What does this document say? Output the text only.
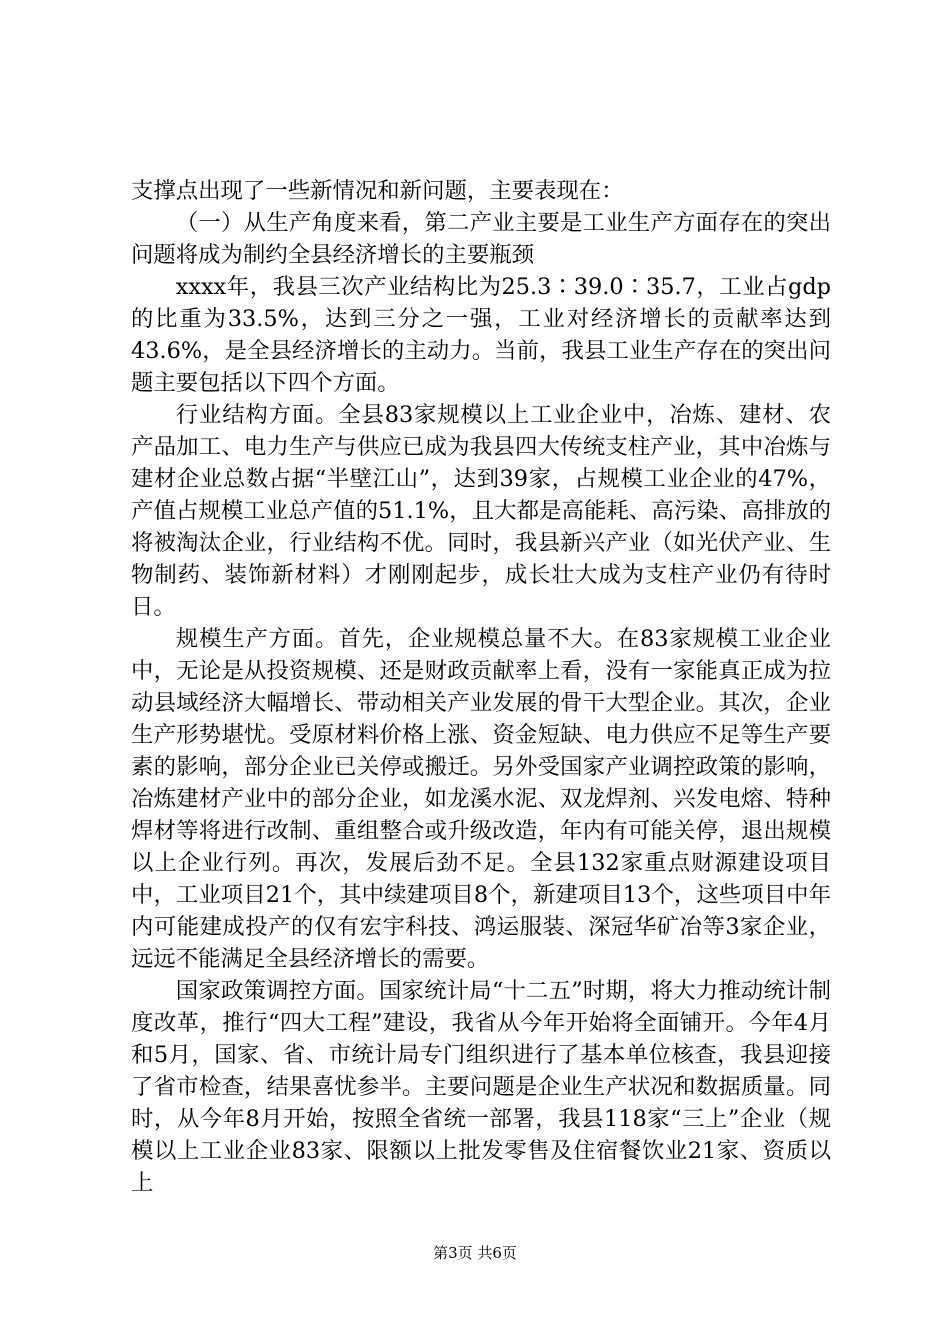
支撑点出现了一些新情况和新问题，主要表现在：

（一）从生产角度来看，第二产业主要是工业生产方面存在的突出问题将成为制约全县经济增长的主要瓶颈

xxxx年，我县三次产业结构比为25.3∶39.0∶35.7，工业占gdp的比重为33.5%，达到三分之一强，工业对经济增长的贡献率达到43.6%，是全县经济增长的主动力。当前，我县工业生产存在的突出问题主要包括以下四个方面。

行业结构方面。全县83家规模以上工业企业中，冶炼、建材、农产品加工、电力生产与供应已成为我县四大传统支柱产业，其中冶炼与建材企业总数占据“半壁江山”，达到39家，占规模工业企业的47%，产值占规模工业总产值的51.1%，且大都是高能耗、高污染、高排放的将被淘汰企业，行业结构不优。同时，我县新兴产业（如光伏产业、生物制药、装饰新材料）才刚刚起步，成长壮大成为支柱产业仍有待时日。

规模生产方面。首先，企业规模总量不大。在83家规模工业企业中，无论是从投资规模、还是财政贡献率上看，没有一家能真正成为拉动县域经济大幅增长、带动相关产业发展的骨干大型企业。其次，企业生产形势堪忧。受原材料价格上涨、资金短缺、电力供应不足等生产要素的影响，部分企业已关停或搬迁。另外受国家产业调控政策的影响，冶炼建材产业中的部分企业，如龙溪水泥、双龙焊剂、兴发电熔、特种焊材等将进行改制、重组整合或升级改造，年内有可能关停，退出规模以上企业行列。再次，发展后劲不足。全县132家重点财源建设项目中，工业项目21个，其中续建项目8个，新建项目13个，这些项目中年内可能建成投产的仅有宏宇科技、鸿运服装、深冠华矿冶等3家企业，远远不能满足全县经济增长的需要。

国家政策调控方面。国家统计局“十二五”时期，将大力推动统计制度改革，推行“四大工程”建设，我省从今年开始将全面铺开。今年4月和5月，国家、省、市统计局专门组织进行了基本单位核查，我县迎接了省市检查，结果喜忧参半。主要问题是企业生产状况和数据质量。同时，从今年8月开始，按照全省统一部署，我县118家“三上”企业（规模以上工业企业83家、限额以上批发零售及住宿餐饮业21家、资质以上

第3页 共6页
